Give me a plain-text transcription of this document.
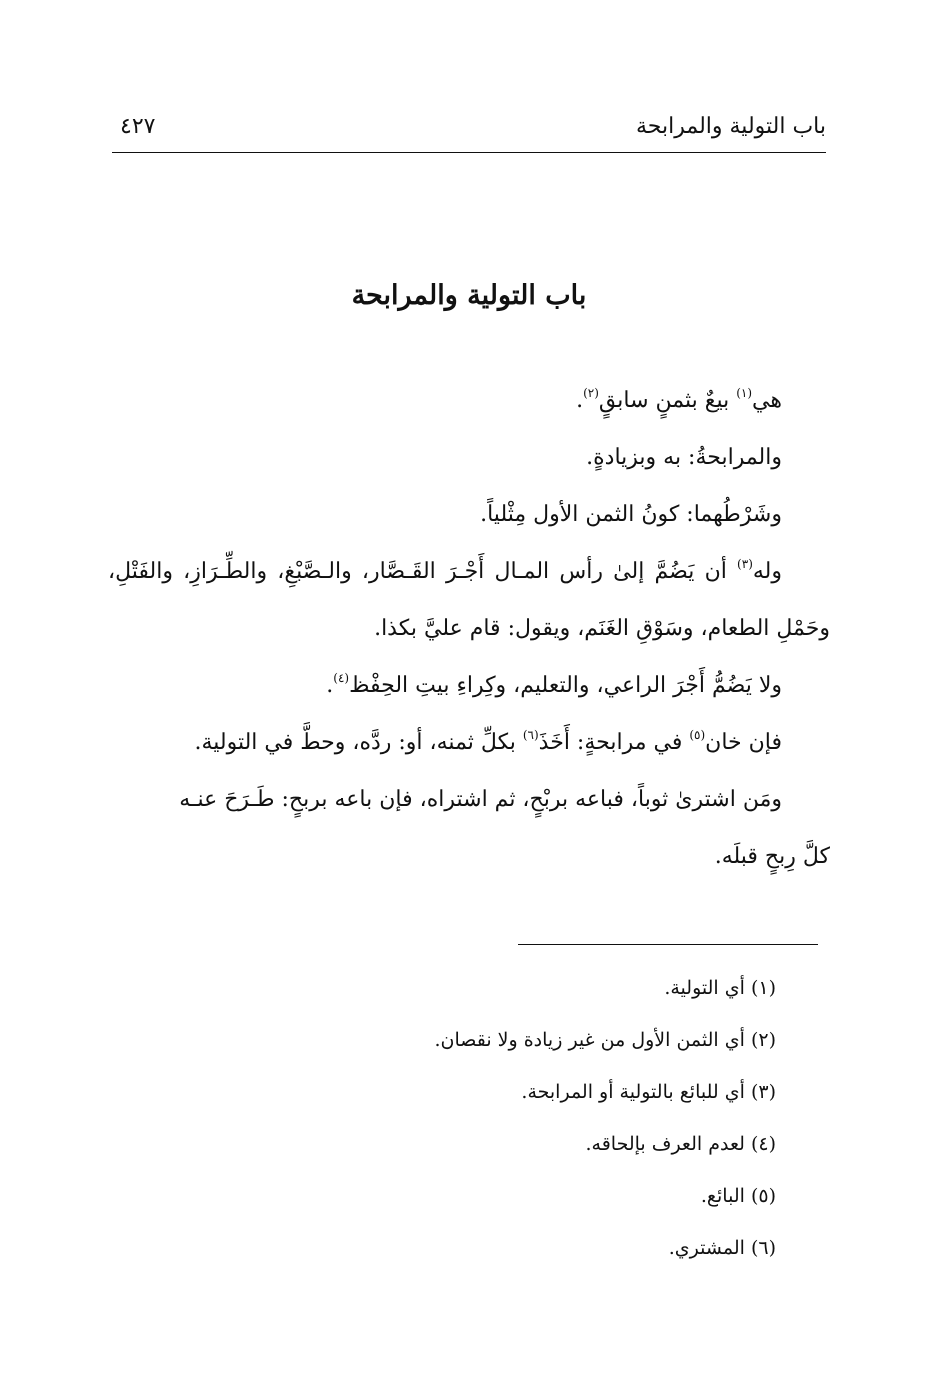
باب التولية والمرابحة
٤٢٧
باب التولية والمرابحة

هي$^{(١)}$ بيعٌ بثمنٍ سابقٍ$^{(٢)}$.

والمرابحةُ: به وبزيادةٍ.

وشَرْطُهما: كونُ الثمن الأول مِثْلياً.

وله$^{(٣)}$ أن يَضُمَّ إلىٰ رأس المـال أَجْـرَ القَـصَّار، والـصَّبْغِ، والطِّـرَازِ، والفَتْلِ، وحَمْلِ الطعام، وسَوْقِ الغَنَم، ويقول: قام عليَّ بكذا.

ولا يَضُمُّ أَجْرَ الراعي، والتعليم، وكِراءِ بيتِ الحِفْظ$^{(٤)}$.

فإن خان$^{(٥)}$ في مرابحةٍ: أَخَذَ$^{(٦)}$ بكلِّ ثمنه، أو: ردَّه، وحطَّ في التولية.

ومَن اشترىٰ ثوباً، فباعه بربْحٍ، ثم اشتراه، فإن باعه بربحٍ: طَـرَحَ عنـه
كلَّ رِبحٍ قبلَه.

(١) أي التولية.

(٢) أي الثمن الأول من غير زيادة ولا نقصان.

(٣) أي للبائع بالتولية أو المرابحة.

(٤) لعدم العرف بإلحاقه.

(٥) البائع.

(٦) المشتري.
